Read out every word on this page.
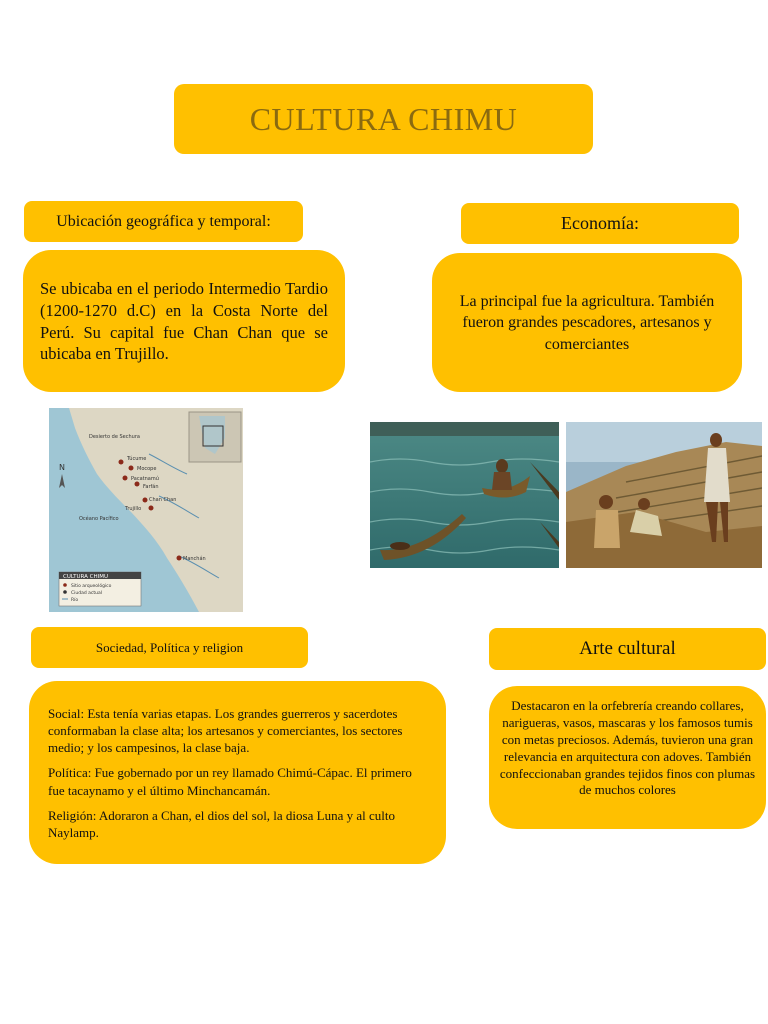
CULTURA CHIMU
Ubicación geográfica y temporal:
Se ubicaba en el periodo Intermedio Tardio (1200-1270 d.C) en la Costa Norte del Perú. Su capital fue Chan Chan que se ubicaba en Trujillo.
Economía:
La principal fue la agricultura. También fueron grandes pescadores, artesanos y comerciantes
Túcume
Mocope
Pacatnamú
Farfán
Chan Chan
Trujillo
Manchán
Océano Pacífico
Desierto de Sechura
N
CULTURA CHIMU
Sitio arqueológico
Ciudad actual
Río
Sociedad, Política y religion

Social: Esta tenía varias etapas. Los grandes guerreros y sacerdotes conformaban la clase alta; los artesanos y comerciantes, los sectores medio; y los campesinos, la clase baja.

Política: Fue gobernado por un rey llamado Chimú-Cápac. El primero fue tacaynamo y el último Minchancamán.

Religión: Adoraron a Chan, el dios del sol, la diosa Luna y al culto Naylamp.

Arte cultural
Destacaron en la orfebrería creando collares, narigueras, vasos, mascaras y los famosos tumis con metas preciosos. Además, tuvieron una gran relevancia en arquitectura con adoves. También confeccionaban grandes tejidos finos con plumas de muchos colores
